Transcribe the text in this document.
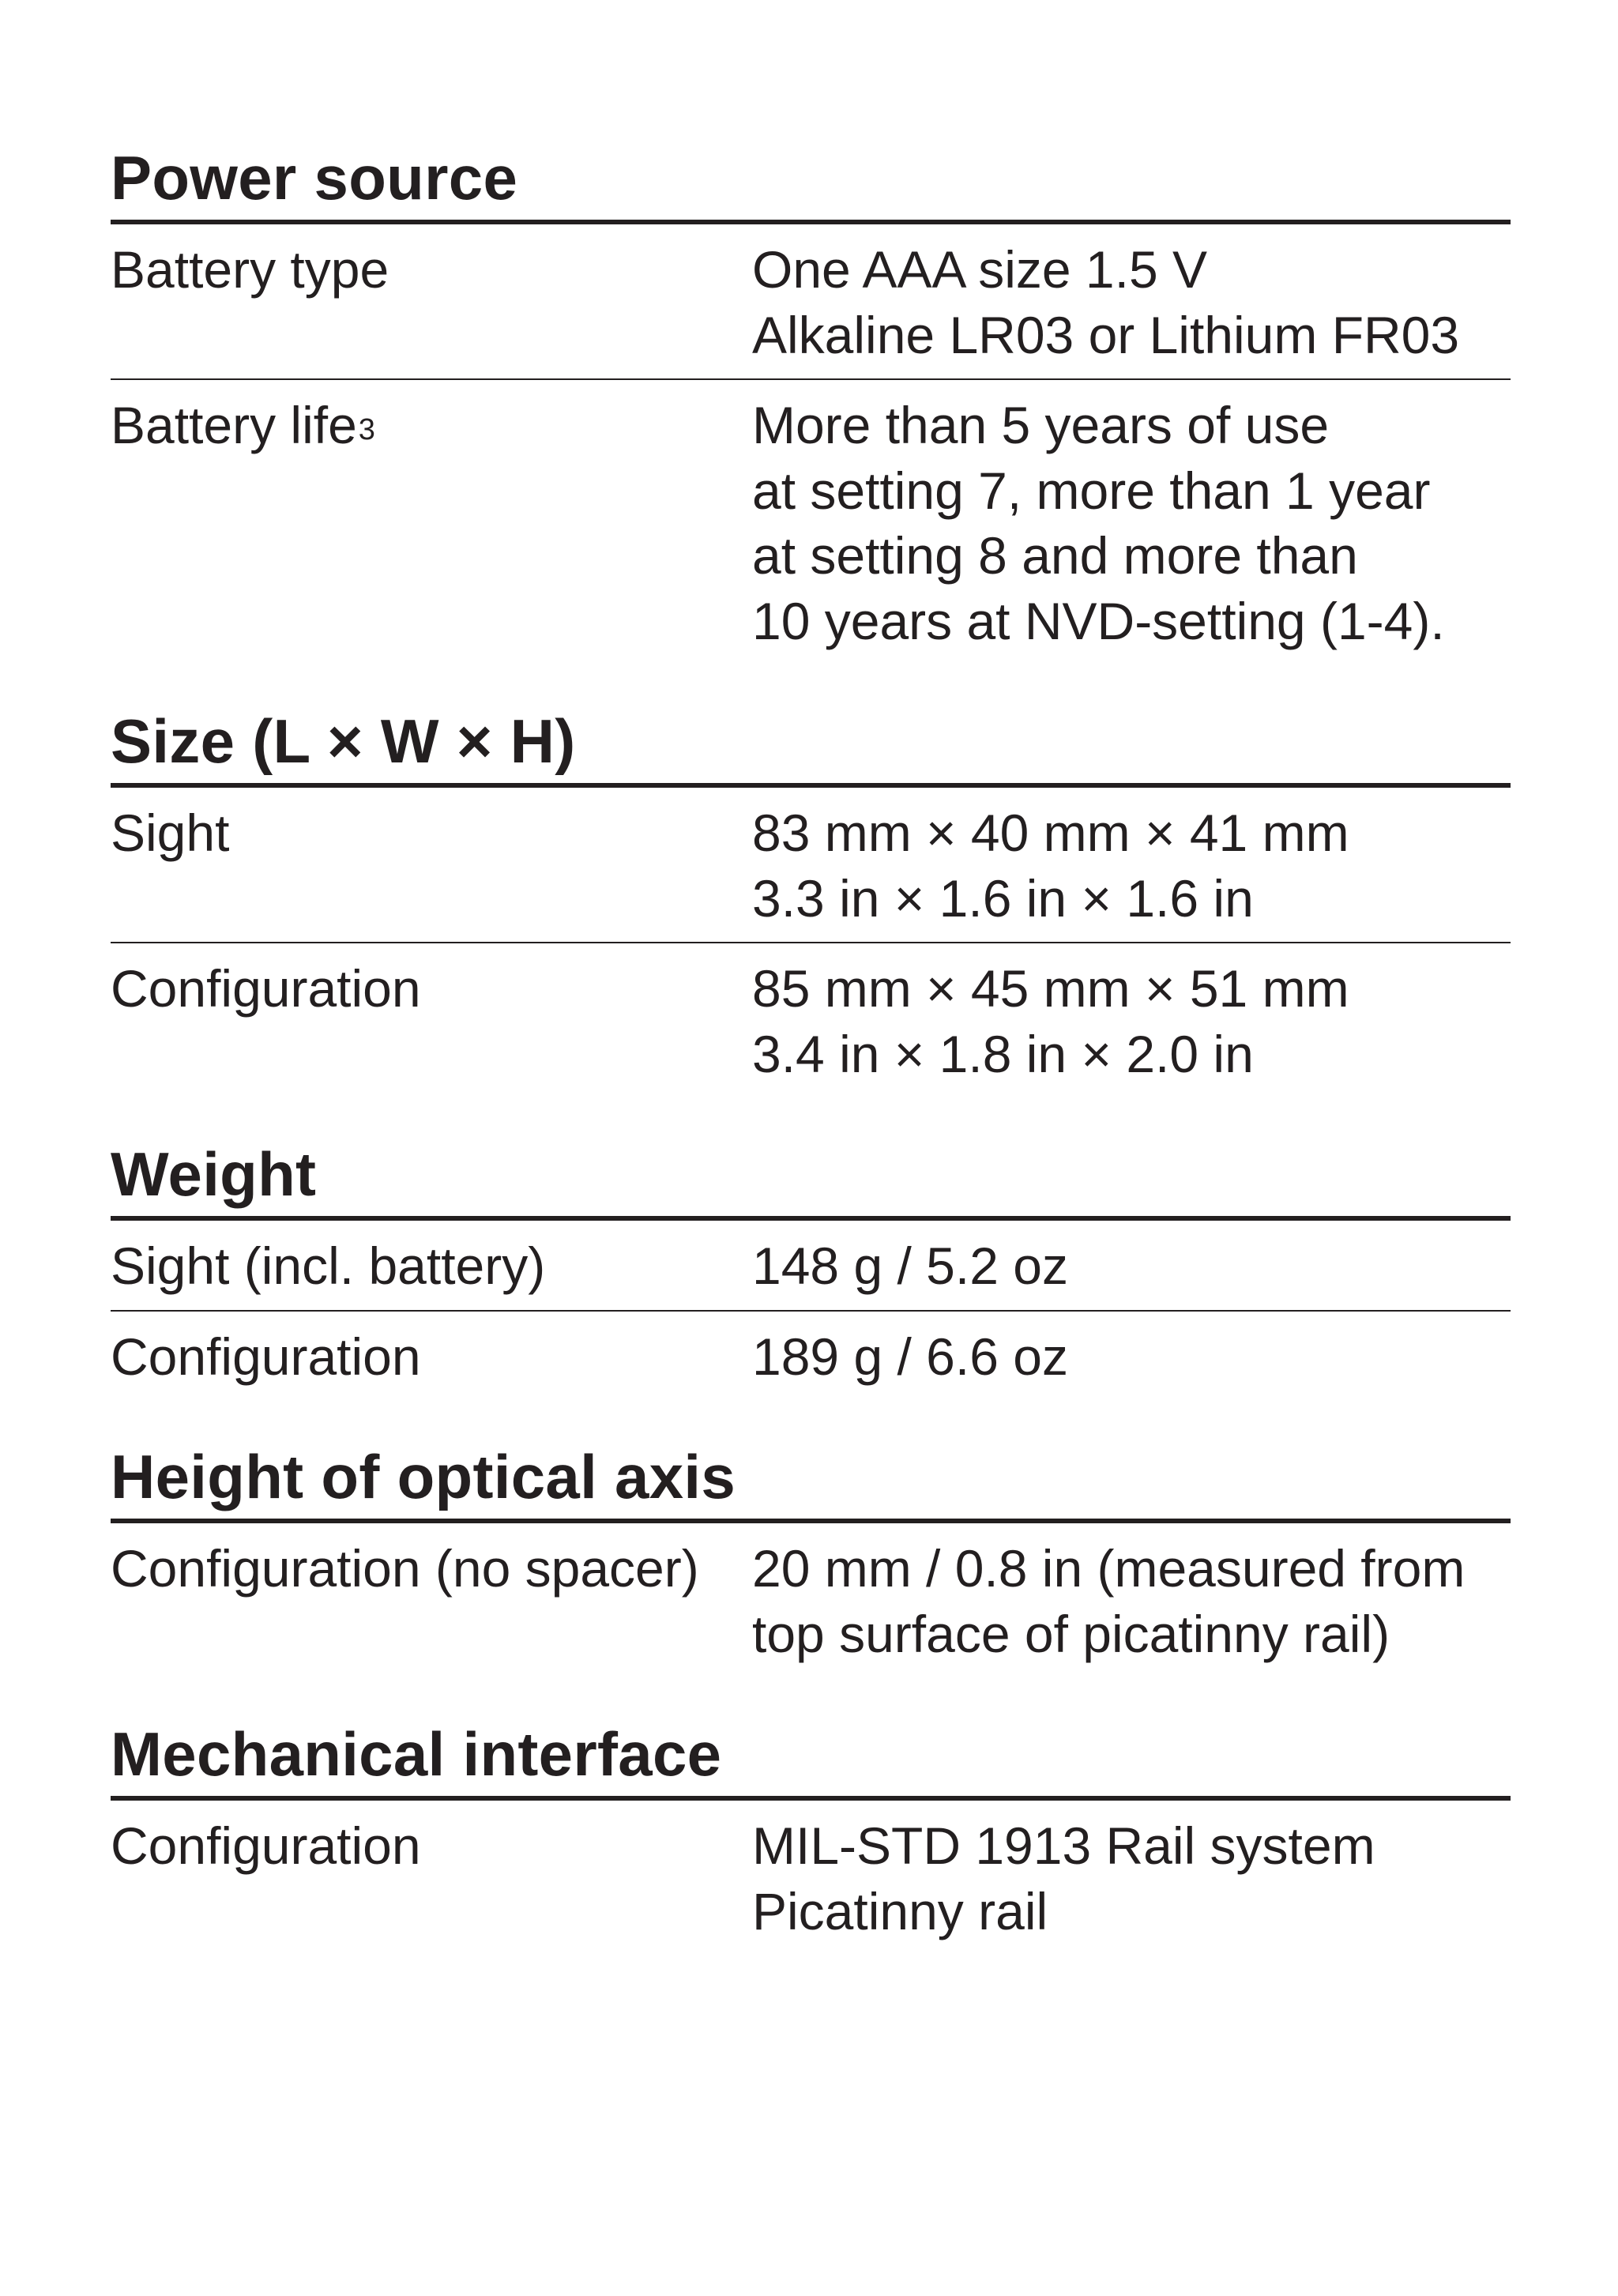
Power source
Battery type	One AAA size 1.5 V
Alkaline LR03 or Lithium FR03
Battery life$^3$	More than 5 years of use
at setting 7, more than 1 year
at setting 8 and more than
10 years at NVD-setting (1-4).
Size (L × W × H)
Sight	83 mm × 40 mm × 41 mm
3.3 in × 1.6 in × 1.6 in
Configuration	85 mm × 45 mm × 51 mm
3.4 in × 1.8 in × 2.0 in
Weight
Sight (incl. battery)	148 g / 5.2 oz
Configuration	189 g / 6.6 oz
Height of optical axis
Configuration (no spacer)	20 mm / 0.8 in (measured from
top surface of picatinny rail)
Mechanical interface
Configuration	MIL-STD 1913 Rail system
Picatinny rail
